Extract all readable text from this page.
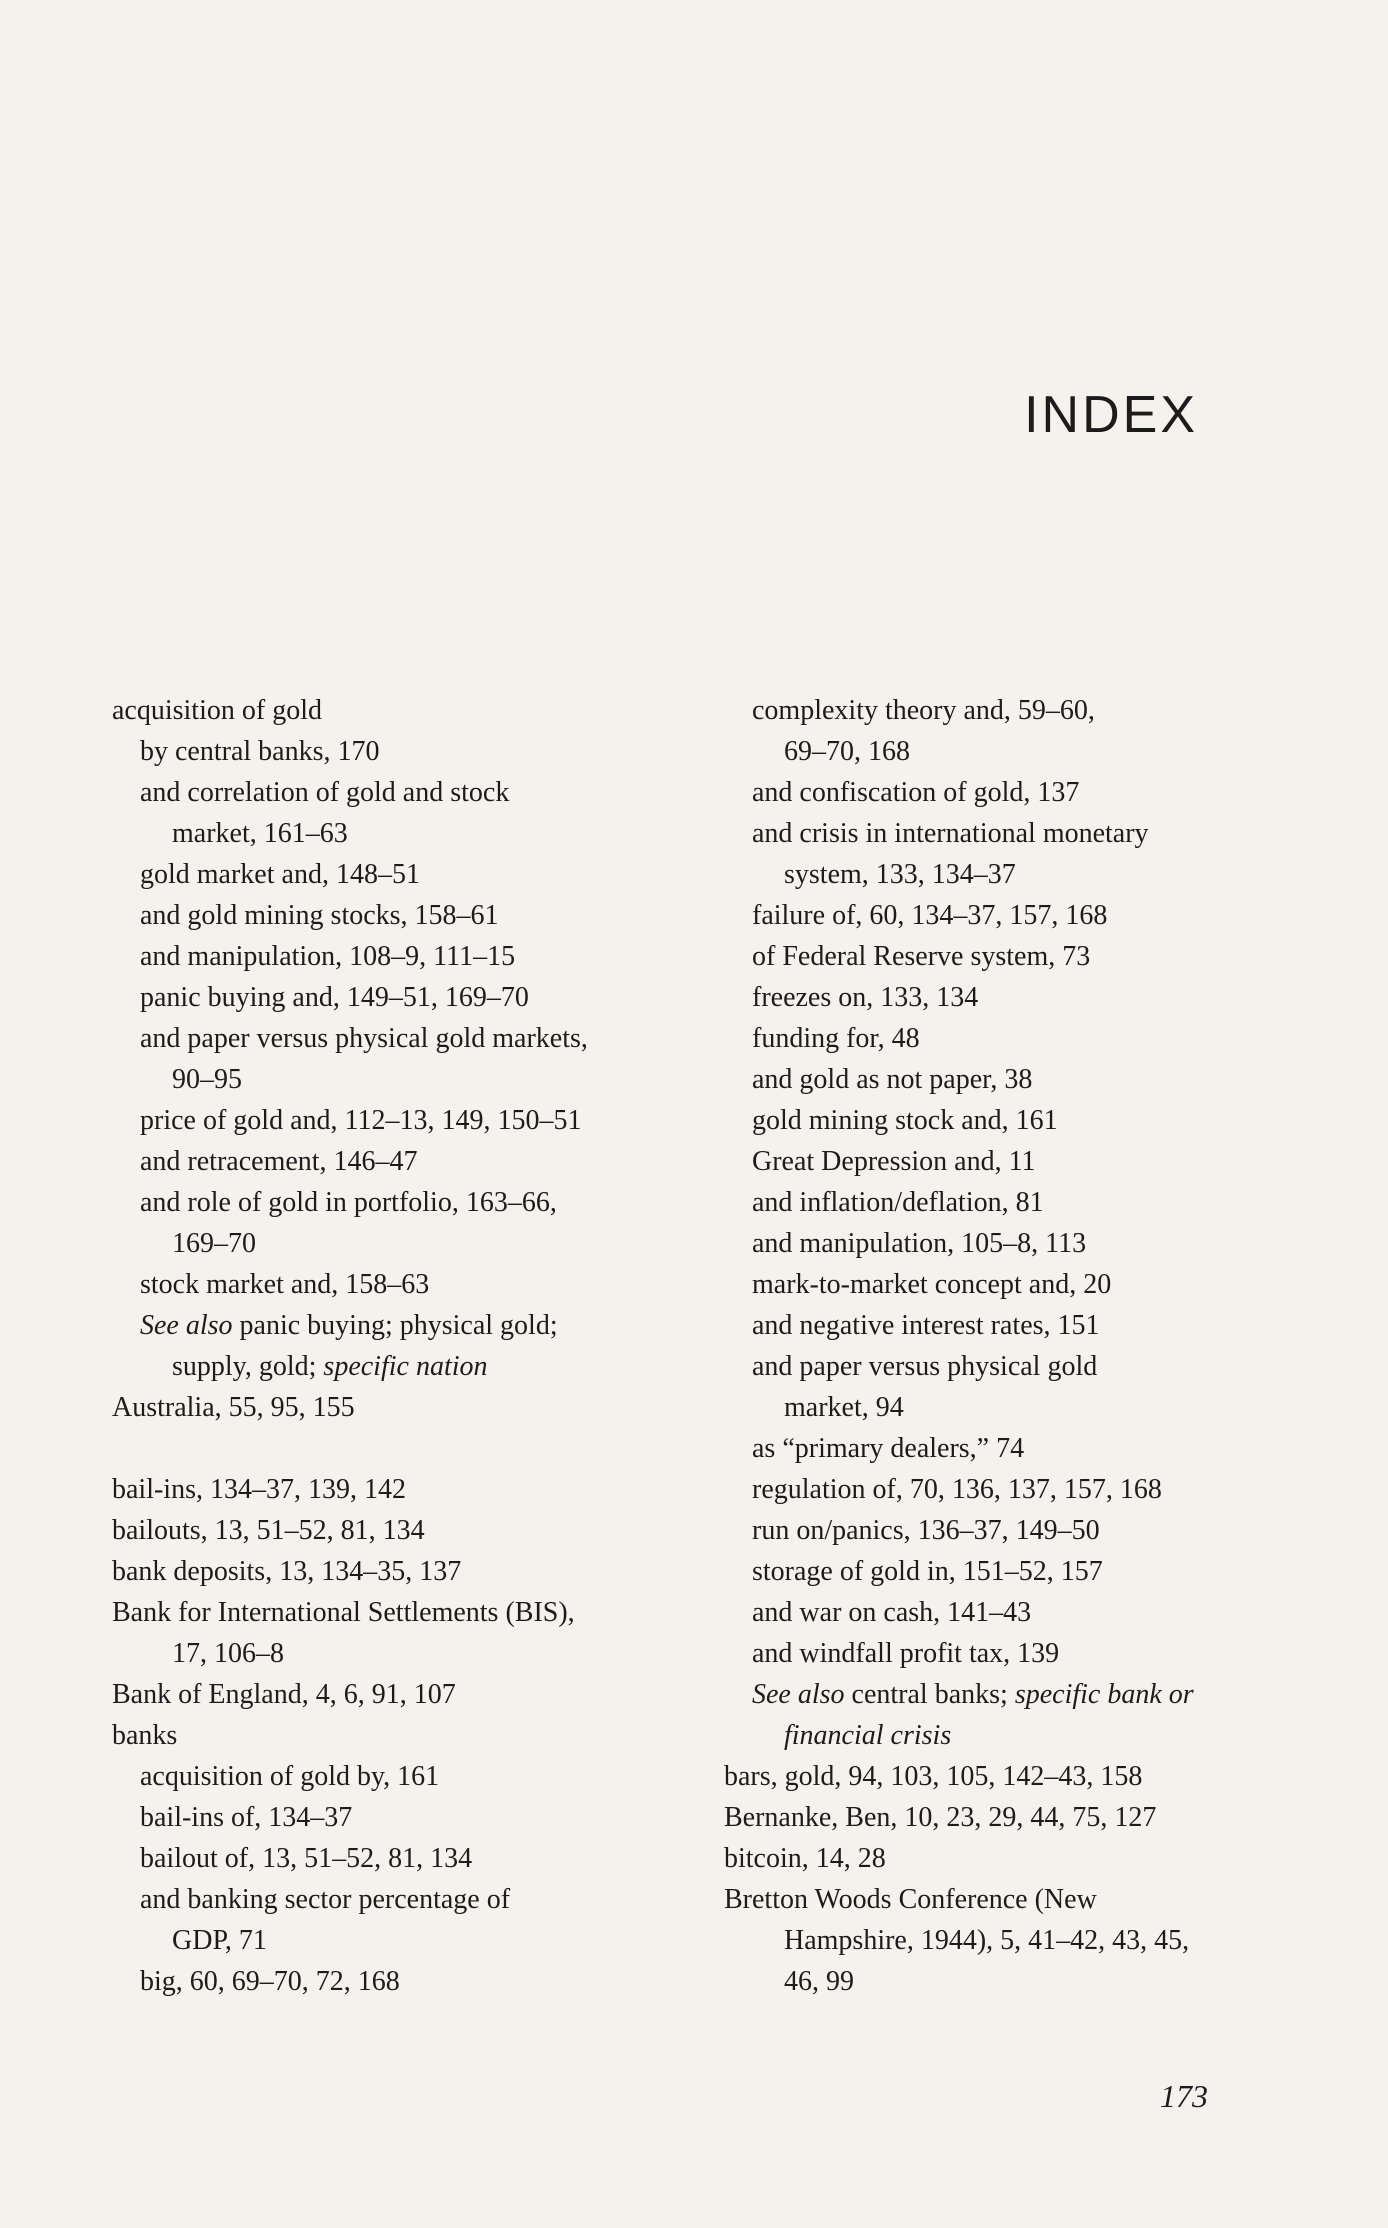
INDEX
acquisition of gold
by central banks, 170
and correlation of gold and stock
market, 161–63
gold market and, 148–51
and gold mining stocks, 158–61
and manipulation, 108–9, 111–15
panic buying and, 149–51, 169–70
and paper versus physical gold markets,
90–95
price of gold and, 112–13, 149, 150–51
and retracement, 146–47
and role of gold in portfolio, 163–66,
169–70
stock market and, 158–63
See also panic buying; physical gold;
supply, gold; specific nation
Australia, 55, 95, 155
bail-ins, 134–37, 139, 142
bailouts, 13, 51–52, 81, 134
bank deposits, 13, 134–35, 137
Bank for International Settlements (BIS),
17, 106–8
Bank of England, 4, 6, 91, 107
banks
acquisition of gold by, 161
bail-ins of, 134–37
bailout of, 13, 51–52, 81, 134
and banking sector percentage of
GDP, 71
big, 60, 69–70, 72, 168
complexity theory and, 59–60,
69–70, 168
and confiscation of gold, 137
and crisis in international monetary
system, 133, 134–37
failure of, 60, 134–37, 157, 168
of Federal Reserve system, 73
freezes on, 133, 134
funding for, 48
and gold as not paper, 38
gold mining stock and, 161
Great Depression and, 11
and inflation/deflation, 81
and manipulation, 105–8, 113
mark-to-market concept and, 20
and negative interest rates, 151
and paper versus physical gold
market, 94
as “primary dealers,” 74
regulation of, 70, 136, 137, 157, 168
run on/panics, 136–37, 149–50
storage of gold in, 151–52, 157
and war on cash, 141–43
and windfall profit tax, 139
See also central banks; specific bank or
financial crisis
bars, gold, 94, 103, 105, 142–43, 158
Bernanke, Ben, 10, 23, 29, 44, 75, 127
bitcoin, 14, 28
Bretton Woods Conference (New
Hampshire, 1944), 5, 41–42, 43, 45,
46, 99
173
